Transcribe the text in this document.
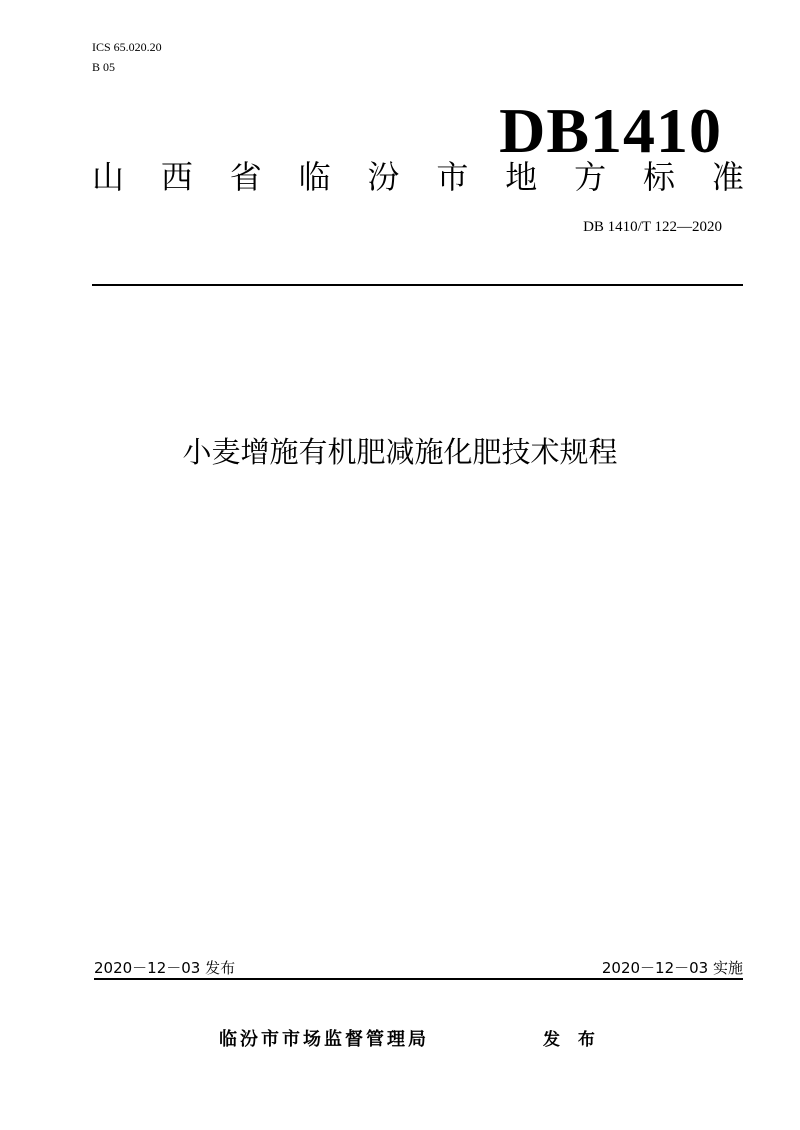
ICS 65.020.20
B 05
DB1410
山 西 省 临 汾 市 地 方 标 准
DB 1410/T 122—2020
小麦增施有机肥减施化肥技术规程
2020－12－03 发布	2020－12－03 实施
临汾市市场监督管理局	发 布
